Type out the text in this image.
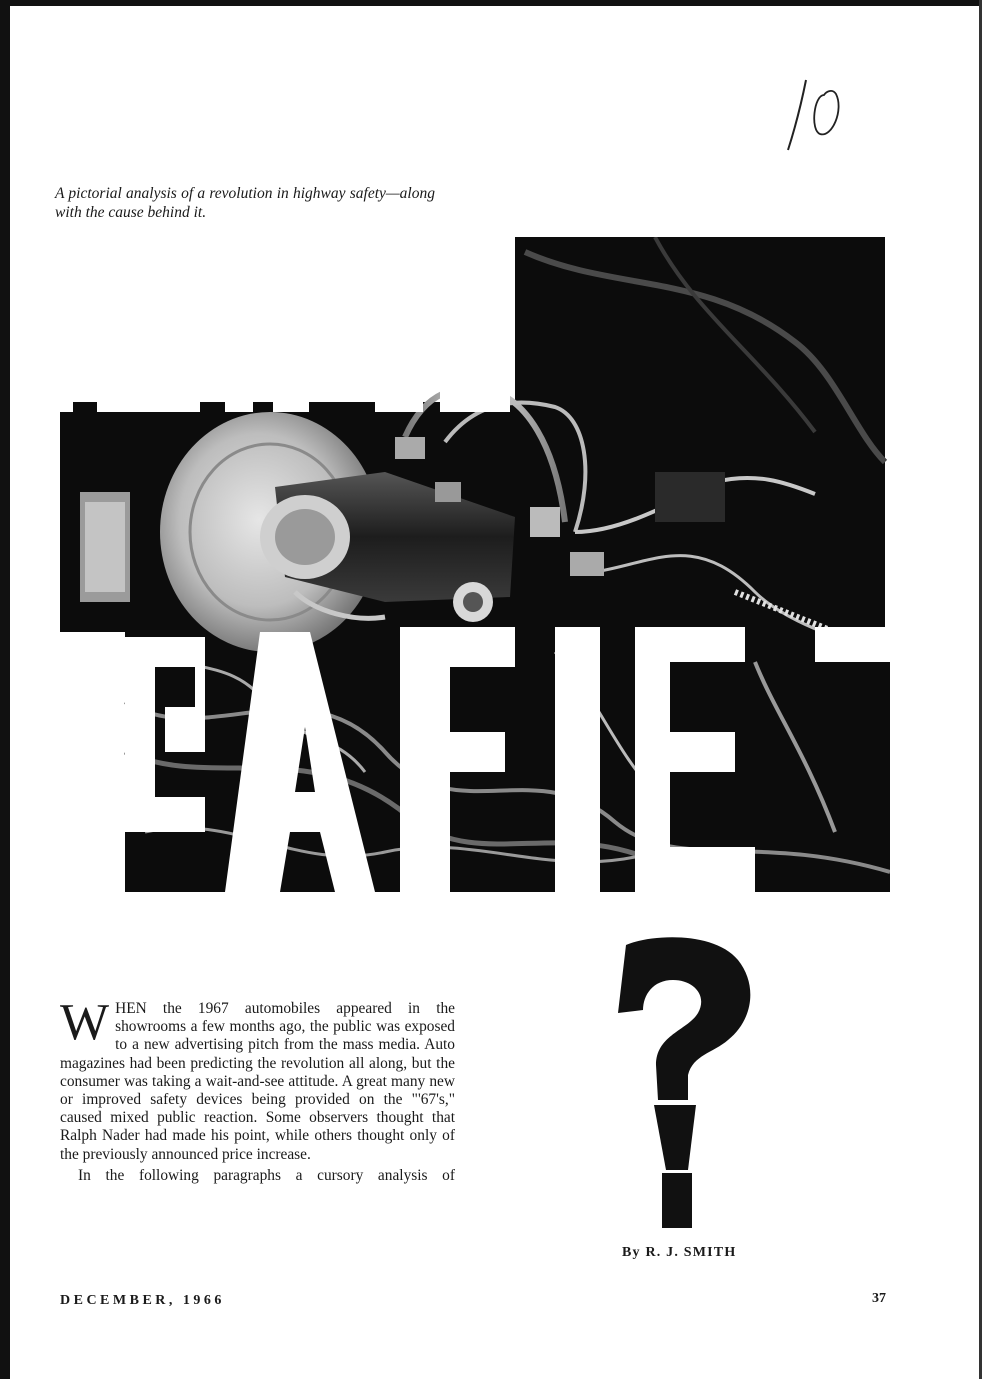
A pictorial analysis of a revolution in highway safety—along with the cause behind it.

WHEN the 1967 automobiles appeared in the showrooms a few months ago, the public was exposed to a new advertising pitch from the mass media. Auto magazines had been predicting the revolution all along, but the consumer was taking a wait-and-see attitude. A great many new or improved safety devices being provided on the "'67's," caused mixed public reaction. Some observers thought that Ralph Nader had made his point, while others thought only of the previously announced price increase.

In the following paragraphs a cursory analysis of

By R. J. SMITH
DECEMBER, 1966	37
